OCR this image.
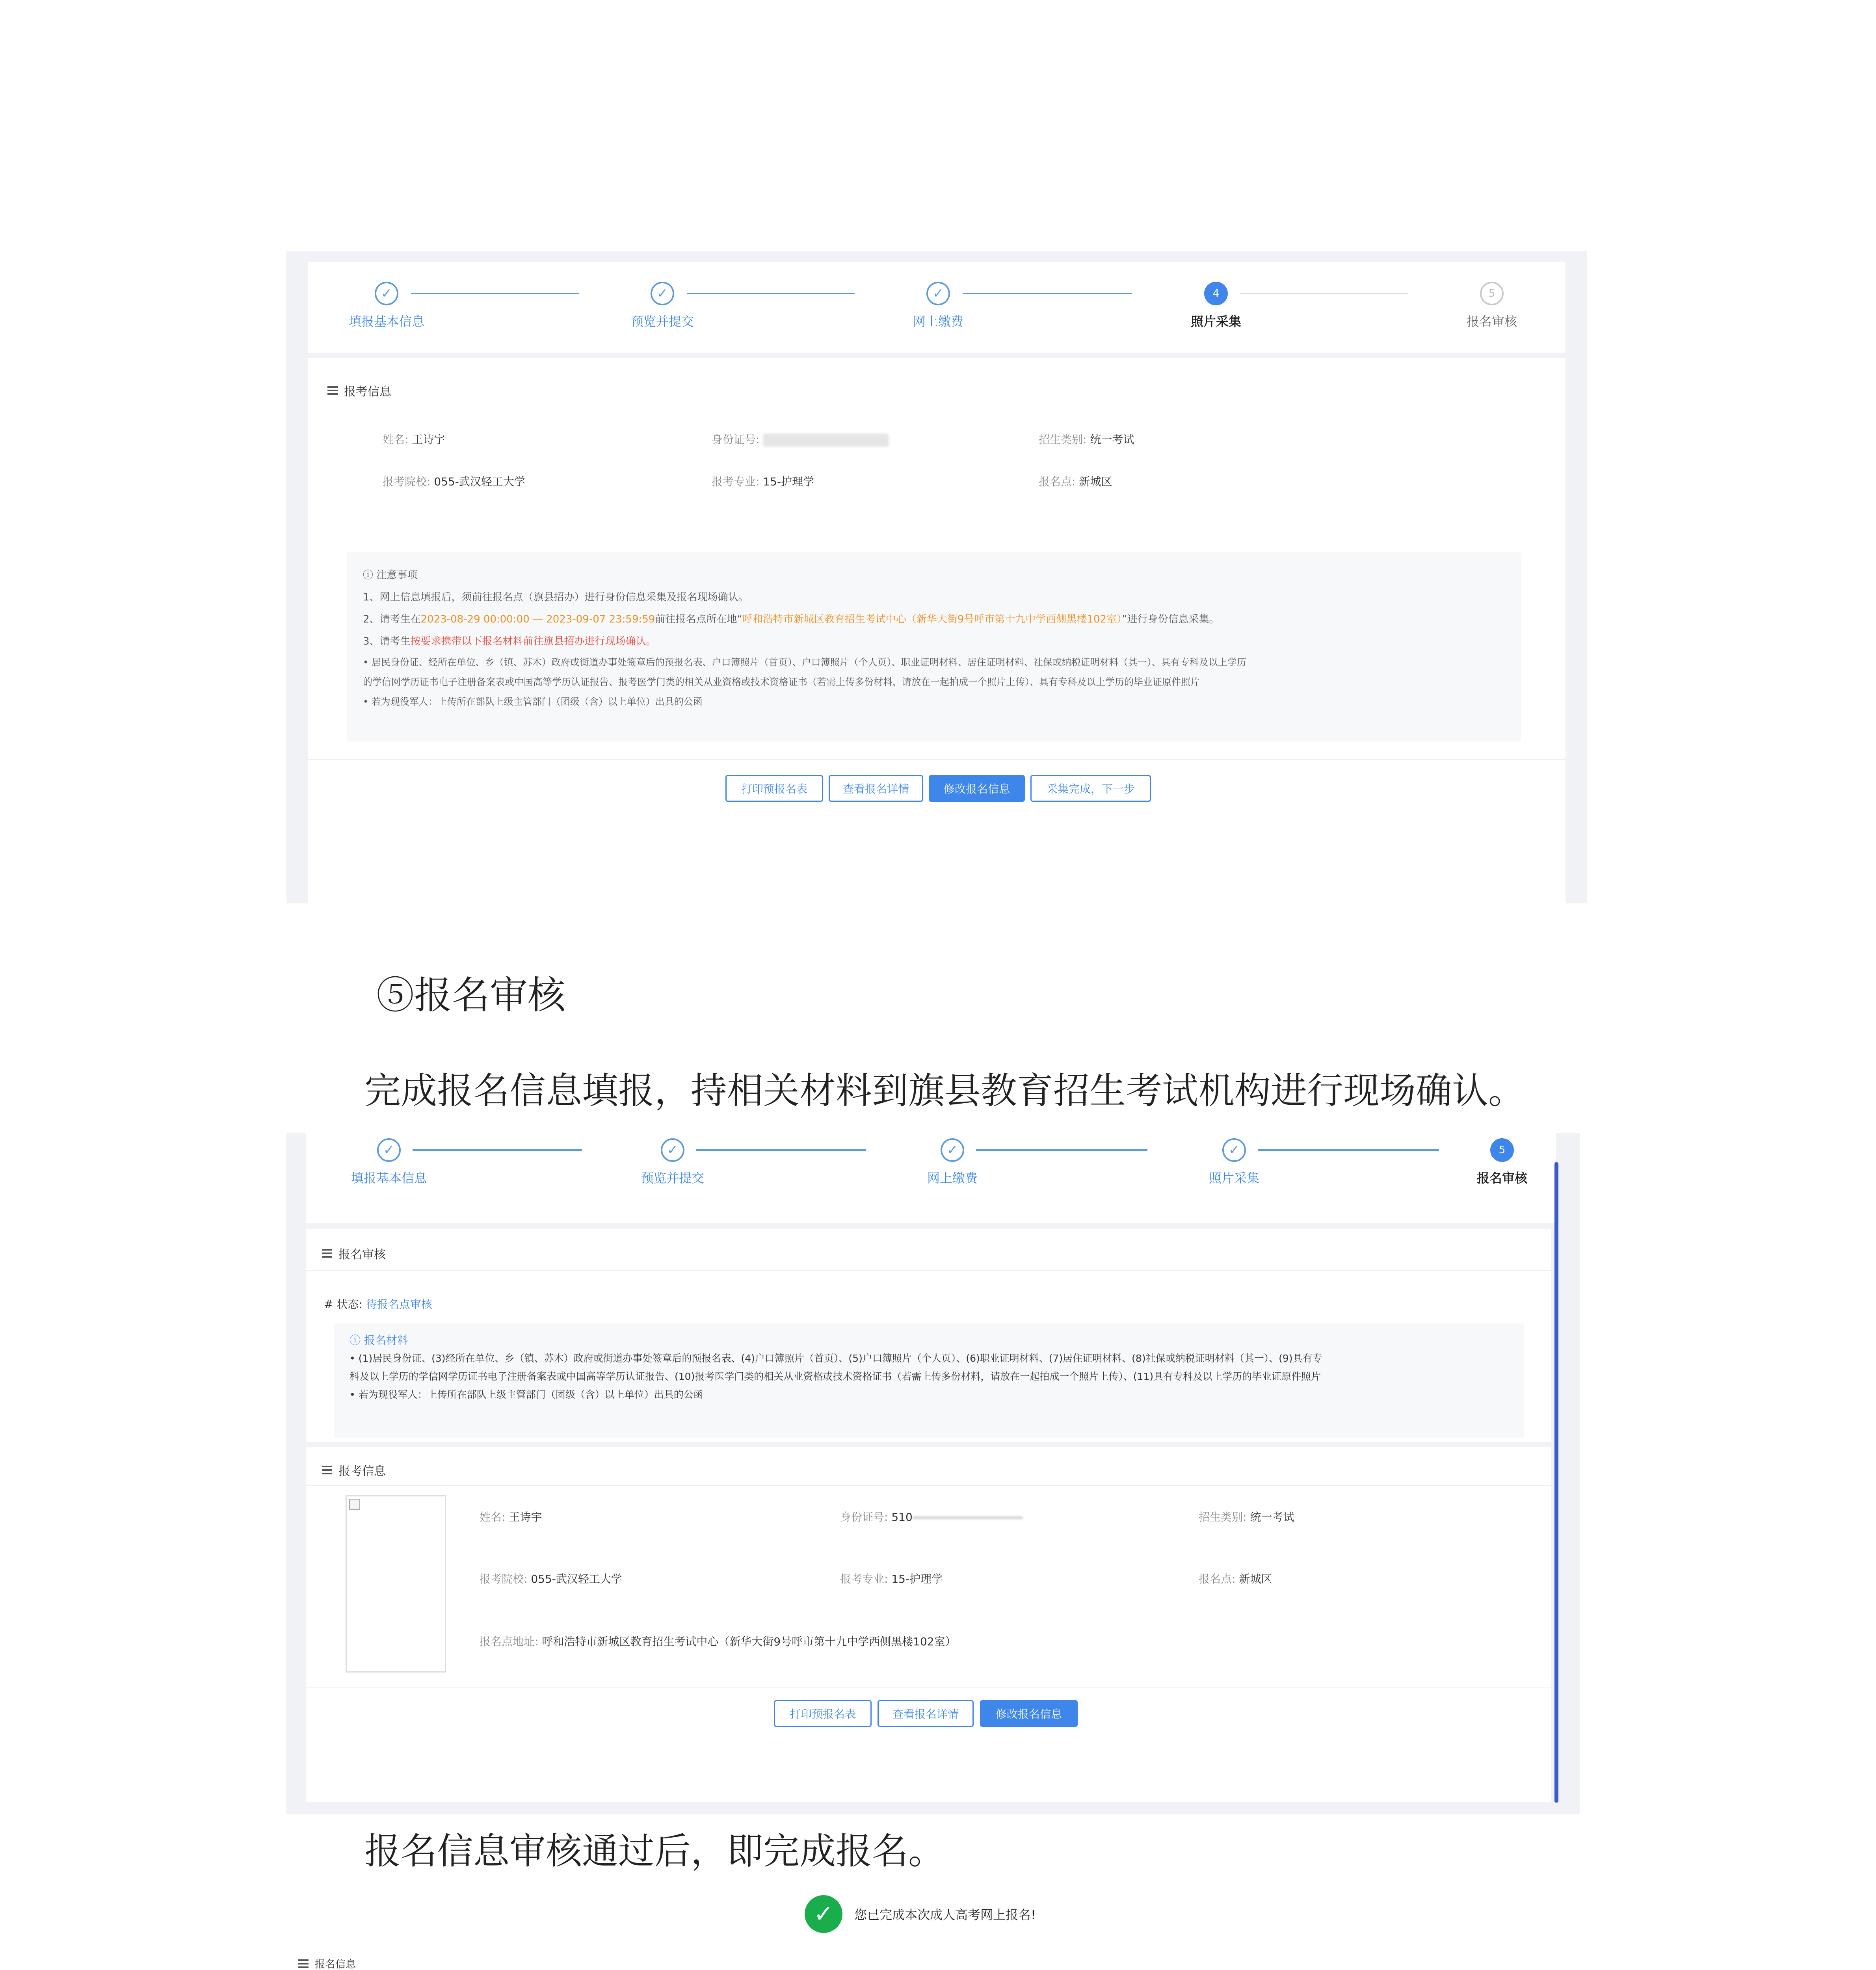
✓
填报基本信息
✓
预览并提交
✓
网上缴费
4
照片采集
5
报名审核
报考信息
姓名: 王诗宇	身份证号:	招生类别: 统一考试
报考院校: 055-武汉轻工大学	报考专业: 15-护理学	报名点: 新城区
ⓘ 注意事项
1、网上信息填报后，须前往报名点（旗县招办）进行身份信息采集及报名现场确认。
2、请考生在2023-08-29 00:00:00 — 2023-09-07 23:59:59前往报名点所在地“呼和浩特市新城区教育招生考试中心（新华大街9号呼市第十九中学西侧黑楼102室）”进行身份信息采集。
3、请考生按要求携带以下报名材料前往旗县招办进行现场确认。
• 居民身份证、经所在单位、乡（镇、苏木）政府或街道办事处签章后的预报名表、户口簿照片（首页）、户口簿照片（个人页）、职业证明材料、居住证明材料、社保或纳税证明材料（其一）、具有专科及以上学历
的学信网学历证书电子注册备案表或中国高等学历认证报告、报考医学门类的相关从业资格或技术资格证书（若需上传多份材料，请放在一起拍成一个照片上传）、具有专科及以上学历的毕业证原件照片
• 若为现役军人：上传所在部队上级主管部门（团级（含）以上单位）出具的公函
打印预报名表	查看报名详情	修改报名信息	采集完成，下一步
⑤报名审核
完成报名信息填报，持相关材料到旗县教育招生考试机构进行现场确认。
✓
填报基本信息
✓
预览并提交
✓
网上缴费
✓
照片采集
5
报名审核
报名审核
# 状态: 待报名点审核
ⓘ 报名材料
• (1)居民身份证、(3)经所在单位、乡（镇、苏木）政府或街道办事处签章后的预报名表、(4)户口簿照片（首页）、(5)户口簿照片（个人页）、(6)职业证明材料、(7)居住证明材料、(8)社保或纳税证明材料（其一）、(9)具有专
科及以上学历的学信网学历证书电子注册备案表或中国高等学历认证报告、(10)报考医学门类的相关从业资格或技术资格证书（若需上传多份材料，请放在一起拍成一个照片上传）、(11)具有专科及以上学历的毕业证原件照片
• 若为现役军人：上传所在部队上级主管部门（团级（含）以上单位）出具的公函
报考信息
姓名: 王诗宇	身份证号: 510	招生类别: 统一考试
报考院校: 055-武汉轻工大学	报考专业: 15-护理学	报名点: 新城区
报名点地址: 呼和浩特市新城区教育招生考试中心（新华大街9号呼市第十九中学西侧黑楼102室）
打印预报名表	查看报名详情	修改报名信息
报名信息审核通过后，即完成报名。
✓	您已完成本次成人高考网上报名!
报名信息
